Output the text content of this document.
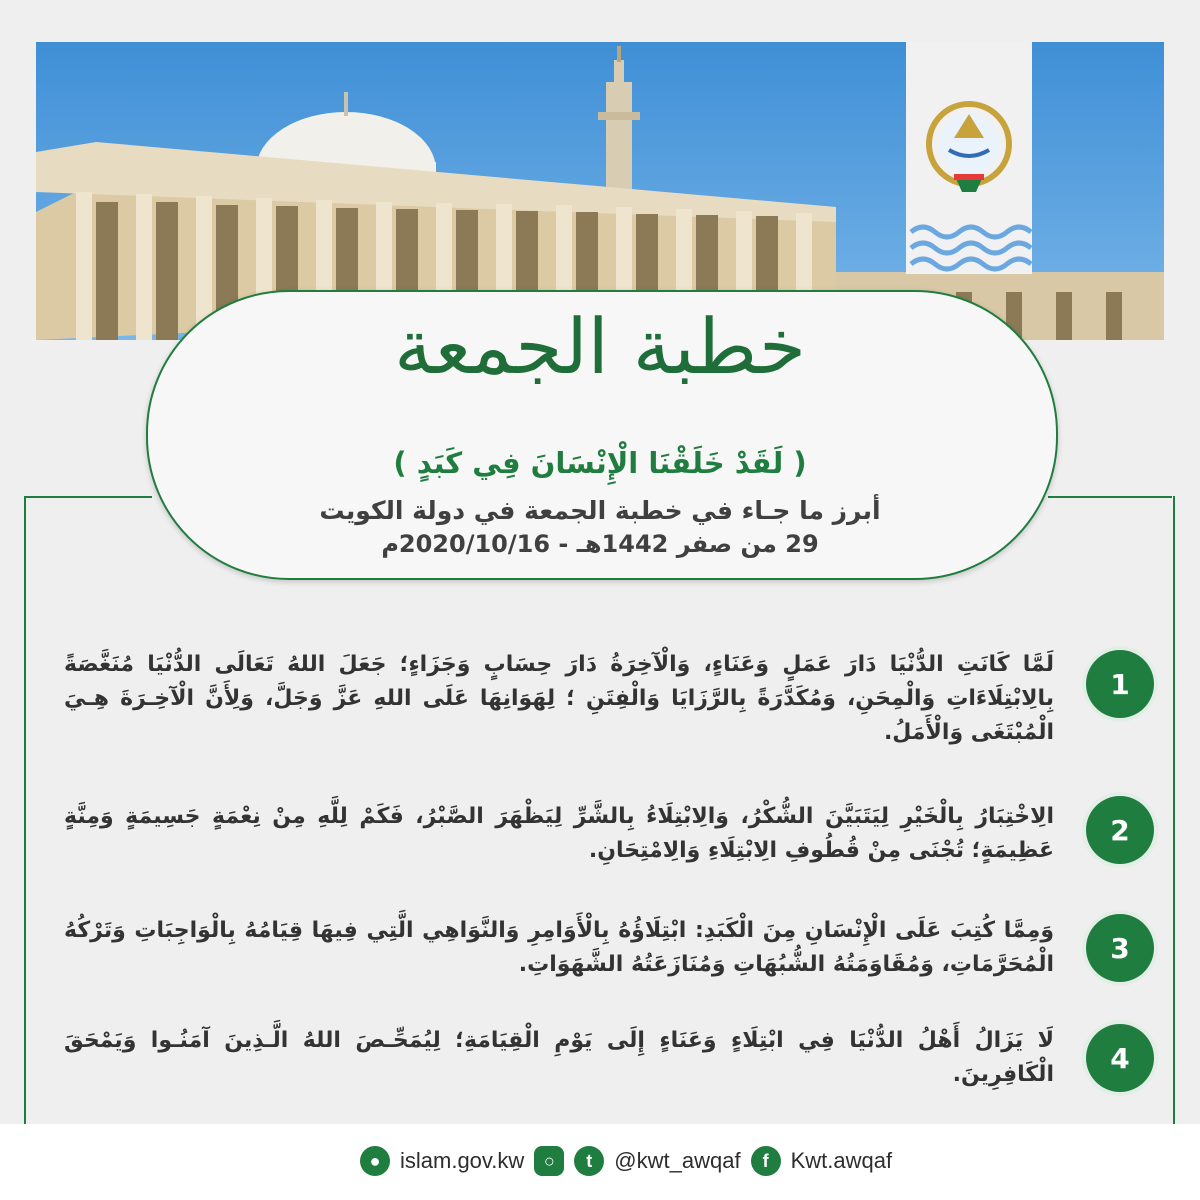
خطبة الجمعة
( لَقَدْ خَلَقْنَا الْإِنْسَانَ فِي كَبَدٍ )
أبرز ما جـاء في خطبة الجمعة في دولة الكويت
29 من صفر 1442هـ - 2020/10/16م
1
لَمَّا كَانَتِ الدُّنْيَا دَارَ عَمَلٍ وَعَنَاءٍ، وَالْآخِرَةُ دَارَ حِسَابٍ وَجَزَاءٍ؛ جَعَلَ اللهُ تَعَالَى الدُّنْيَا مُنَغَّصَةً بِالِابْتِلَاءَاتِ وَالْمِحَنِ، وَمُكَدَّرَةً بِالرَّزَايَا وَالْفِتَنِ ؛ لِهَوَانِهَا عَلَى اللهِ عَزَّ وَجَلَّ، وَلِأَنَّ الْآخِـرَةَ هِـيَ الْمُبْتَغَى وَالْأَمَلُ.
2
الِاخْتِبَارُ بِالْخَيْرِ لِيَتَبَيَّنَ الشُّكْرُ، وَالِابْتِلَاءُ بِالشَّرِّ لِيَظْهَرَ الصَّبْرُ، فَكَمْ لِلَّهِ مِنْ نِعْمَةٍ جَسِيمَةٍ وَمِنَّةٍ عَظِيمَةٍ؛ تُجْنَى مِنْ قُطُوفِ الِابْتِلَاءِ وَالِامْتِحَانِ.
3
وَمِمَّا كُتِبَ عَلَى الْإِنْسَانِ مِنَ الْكَبَدِ: ابْتِلَاؤُهُ بِالْأَوَامِرِ وَالنَّوَاهِي الَّتِي فِيهَا قِيَامُهُ بِالْوَاجِبَاتِ وَتَرْكُهُ الْمُحَرَّمَاتِ، وَمُقَاوَمَتُهُ الشُّبُهَاتِ وَمُنَازَعَتُهُ الشَّهَوَاتِ.
4
لَا يَزَالُ أَهْلُ الدُّنْيَا فِي ابْتِلَاءٍ وَعَنَاءٍ إِلَى يَوْمِ الْقِيَامَةِ؛ لِيُمَحِّـصَ اللهُ الَّـذِينَ آمَنُـوا وَيَمْحَقَ الْكَافِرِينَ.
● islam.gov.kw	○	t	@kwt_awqaf	f	Kwt.awqaf
